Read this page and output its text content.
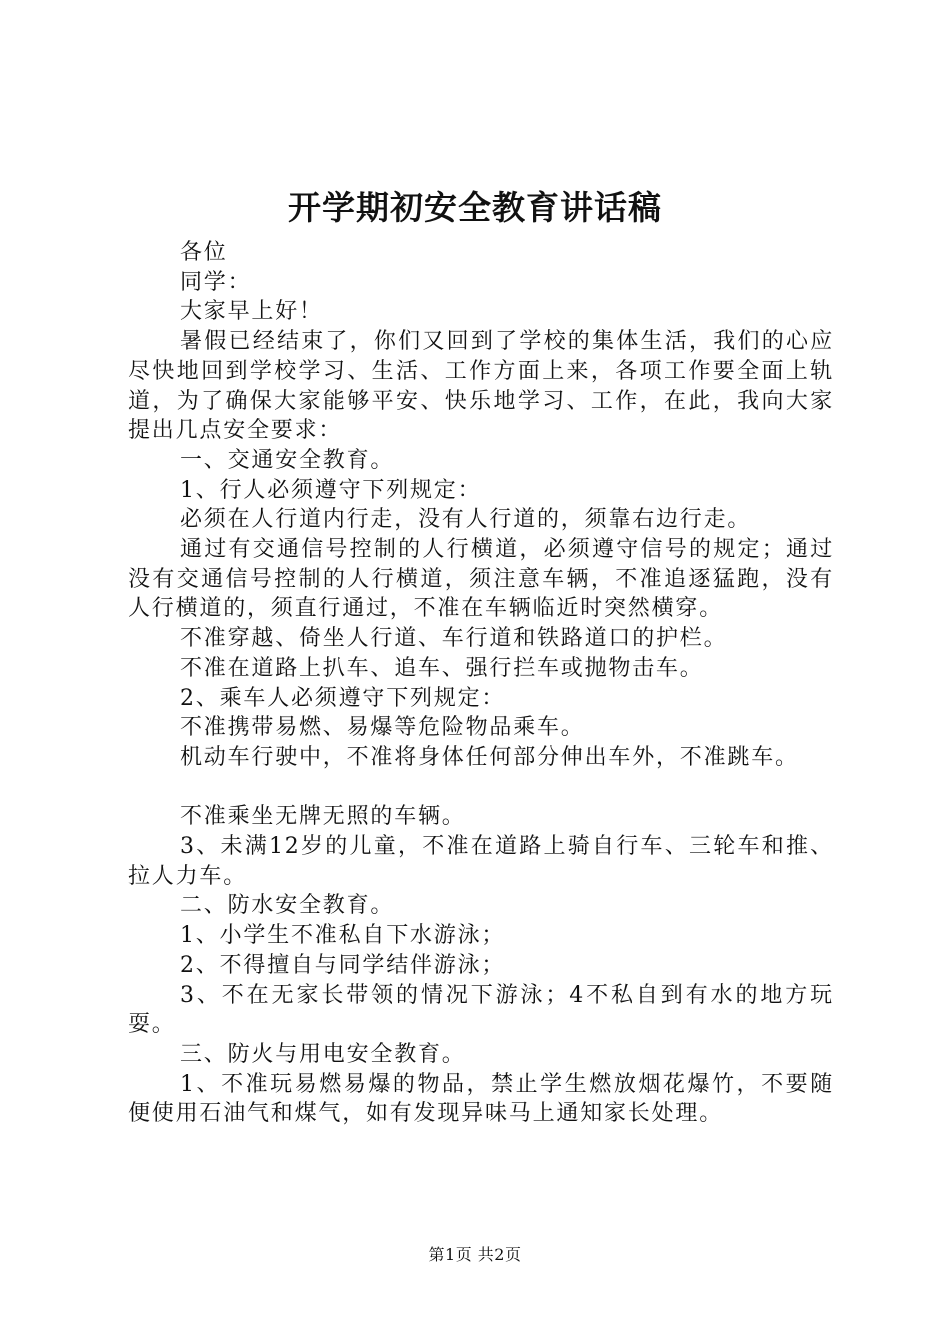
开学期初安全教育讲话稿

各位

同学：

大家早上好！

暑假已经结束了，你们又回到了学校的集体生活，我们的心应尽快地回到学校学习、生活、工作方面上来，各项工作要全面上轨道，为了确保大家能够平安、快乐地学习、工作，在此，我向大家提出几点安全要求：

一、交通安全教育。

1、行人必须遵守下列规定：

必须在人行道内行走，没有人行道的，须靠右边行走。

通过有交通信号控制的人行横道，必须遵守信号的规定；通过没有交通信号控制的人行横道，须注意车辆，不准追逐猛跑，没有人行横道的，须直行通过，不准在车辆临近时突然横穿。

不准穿越、倚坐人行道、车行道和铁路道口的护栏。

不准在道路上扒车、追车、强行拦车或抛物击车。

2、乘车人必须遵守下列规定：

不准携带易燃、易爆等危险物品乘车。

机动车行驶中，不准将身体任何部分伸出车外，不准跳车。

不准乘坐无牌无照的车辆。

3、未满12岁的儿童，不准在道路上骑自行车、三轮车和推、拉人力车。

二、防水安全教育。

1、小学生不准私自下水游泳；

2、不得擅自与同学结伴游泳；

3、不在无家长带领的情况下游泳；4不私自到有水的地方玩耍。

三、防火与用电安全教育。

1、不准玩易燃易爆的物品，禁止学生燃放烟花爆竹，不要随便使用石油气和煤气，如有发现异味马上通知家长处理。

第1页 共2页
